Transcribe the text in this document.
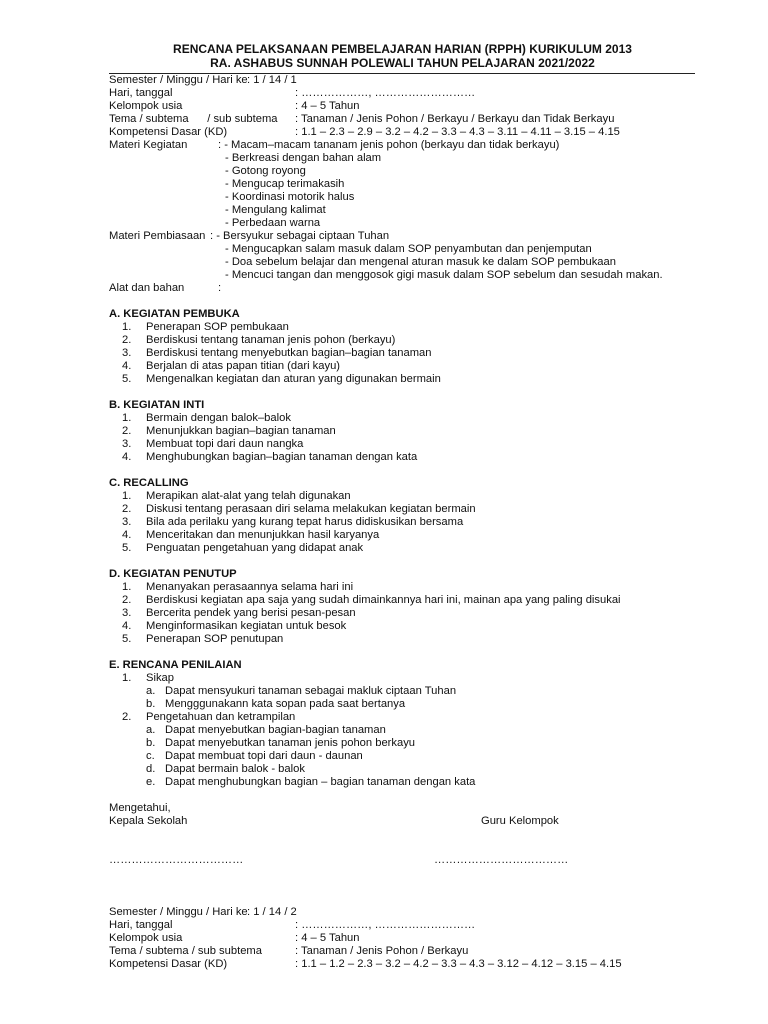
RENCANA PELAKSANAAN PEMBELAJARAN HARIAN (RPPH) KURIKULUM 2013
RA. ASHABUS SUNNAH POLEWALI TAHUN PELAJARAN 2021/2022
Semester / Minggu / Hari ke : 1 / 14 / 1
Hari, tanggal	: ………………, ………………………
Kelompok usia	: 4 – 5 Tahun
Tema / subtema      / sub subtema : Tanaman / Jenis Pohon / Berkayu / Berkayu dan Tidak Berkayu
Kompetensi Dasar (KD)	: 1.1 – 2.3 – 2.9 – 3.2 – 4.2 – 3.3 – 4.3 – 3.11 – 4.11 – 3.15 – 4.15
Materi Kegiatan	: - Macam–macam tananam jenis pohon (berkayu dan tidak berkayu)
- Berkreasi dengan bahan alam
- Gotong royong
- Mengucap terimakasih
- Koordinasi motorik halus
- Mengulang kalimat
- Perbedaan warna
Materi Pembiasaan : - Bersyukur sebagai ciptaan Tuhan
- Mengucapkan salam masuk dalam SOP penyambutan dan penjemputan
- Doa sebelum belajar dan mengenal aturan masuk ke dalam SOP pembukaan
- Mencuci tangan dan menggosok gigi masuk dalam SOP sebelum dan sesudah makan.
Alat dan bahan	:
A. KEGIATAN PEMBUKA
1. Penerapan SOP pembukaan
2. Berdiskusi tentang tanaman jenis pohon (berkayu)
3. Berdiskusi tentang menyebutkan bagian–bagian tanaman
4. Berjalan di atas papan titian (dari kayu)
5. Mengenalkan kegiatan dan aturan yang digunakan bermain
B. KEGIATAN INTI
1. Bermain dengan balok–balok
2. Menunjukkan bagian–bagian tanaman
3. Membuat topi dari daun nangka
4. Menghubungkan bagian–bagian tanaman dengan kata
C. RECALLING
1. Merapikan alat-alat yang telah digunakan
2. Diskusi tentang perasaan diri selama melakukan kegiatan bermain
3. Bila ada perilaku yang kurang tepat harus didiskusikan bersama
4. Menceritakan dan menunjukkan hasil karyanya
5. Penguatan pengetahuan yang didapat anak
D. KEGIATAN PENUTUP
1. Menanyakan perasaannya selama hari ini
2. Berdiskusi kegiatan apa saja yang sudah dimainkannya hari ini, mainan apa yang paling disukai
3. Bercerita pendek yang berisi pesan-pesan
4. Menginformasikan kegiatan untuk besok
5. Penerapan SOP penutupan
E. RENCANA PENILAIAN
1. Sikap
a. Dapat mensyukuri tanaman sebagai makluk ciptaan Tuhan
b. Mengggunakann kata sopan pada saat bertanya
2. Pengetahuan dan ketrampilan
a. Dapat menyebutkan bagian-bagian tanaman
b. Dapat menyebutkan tanaman jenis pohon berkayu
c. Dapat membuat topi dari daun - daunan
d. Dapat bermain balok - balok
e. Dapat menghubungkan bagian – bagian tanaman dengan kata
Mengetahui,
Kepala Sekolah	Guru Kelompok
………………………………	………………………………
Semester / Minggu / Hari ke : 1 / 14 / 2
Hari, tanggal	: ………………, ………………………
Kelompok usia	: 4 – 5 Tahun
Tema / subtema / sub subtema	: Tanaman / Jenis Pohon / Berkayu
Kompetensi Dasar (KD)	: 1.1 – 1.2 – 2.3 – 3.2 – 4.2 – 3.3 – 4.3 – 3.12 – 4.12 – 3.15 – 4.15
